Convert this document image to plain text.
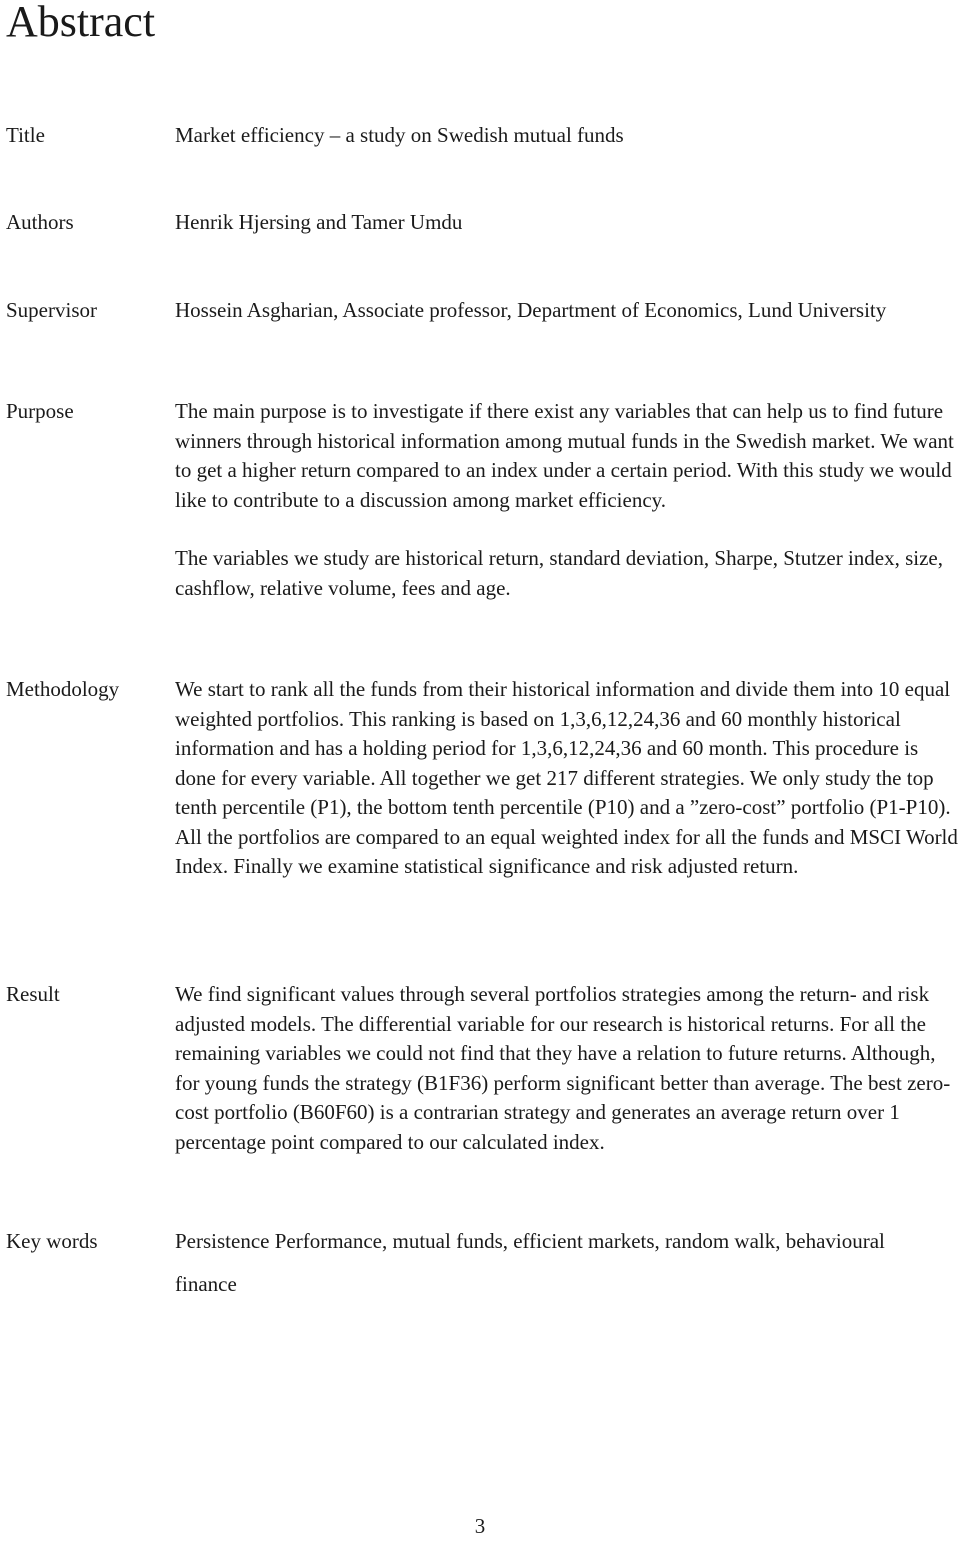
Abstract
Title	Market efficiency – a study on Swedish mutual funds
Authors	Henrik Hjersing and Tamer Umdu
Supervisor	Hossein Asgharian, Associate professor, Department of Economics, Lund University
Purpose	The main purpose is to investigate if there exist any variables that can help us to find future winners through historical information among mutual funds in the Swedish market. We want to get a higher return compared to an index under a certain period. With this study we would like to contribute to a discussion among market efficiency.

The variables we study are historical return, standard deviation, Sharpe, Stutzer index, size, cashflow, relative volume, fees and age.

Methodology	We start to rank all the funds from their historical information and divide them into 10 equal weighted portfolios. This ranking is based on 1,3,6,12,24,36 and 60 monthly historical information and has a holding period for 1,3,6,12,24,36 and 60 month. This procedure is done for every variable. All together we get 217 different strategies. We only study the top tenth percentile (P1), the bottom tenth percentile (P10) and a ”zero-cost” portfolio (P1-P10). All the portfolios are compared to an equal weighted index for all the funds and MSCI World Index. Finally we examine statistical significance and risk adjusted return.
Result	We find significant values through several portfolios strategies among the return- and risk adjusted models. The differential variable for our research is historical returns. For all the remaining variables we could not find that they have a relation to future returns. Although, for young funds the strategy (B1F36) perform significant better than average. The best zero-cost portfolio (B60F60) is a contrarian strategy and generates an average return over 1 percentage point compared to our calculated index.
Key words	Persistence Performance, mutual funds, efficient markets, random walk, behavioural finance
3
